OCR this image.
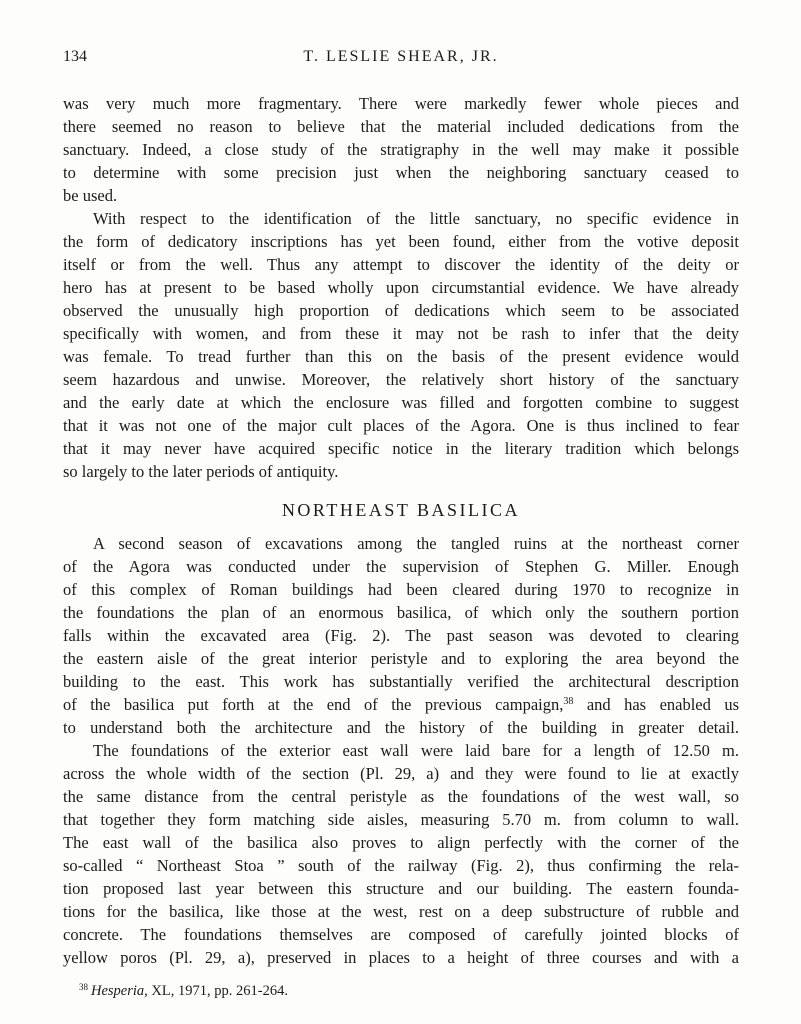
134	T. LESLIE SHEAR, JR.
was very much more fragmentary. There were markedly fewer whole pieces and
there seemed no reason to believe that the material included dedications from the
sanctuary. Indeed, a close study of the stratigraphy in the well may make it possible
to determine with some precision just when the neighboring sanctuary ceased to
be used.
With respect to the identification of the little sanctuary, no specific evidence in
the form of dedicatory inscriptions has yet been found, either from the votive deposit
itself or from the well. Thus any attempt to discover the identity of the deity or
hero has at present to be based wholly upon circumstantial evidence. We have already
observed the unusually high proportion of dedications which seem to be associated
specifically with women, and from these it may not be rash to infer that the deity
was female. To tread further than this on the basis of the present evidence would
seem hazardous and unwise. Moreover, the relatively short history of the sanctuary
and the early date at which the enclosure was filled and forgotten combine to suggest
that it was not one of the major cult places of the Agora. One is thus inclined to fear
that it may never have acquired specific notice in the literary tradition which belongs
so largely to the later periods of antiquity.
NORTHEAST BASILICA
A second season of excavations among the tangled ruins at the northeast corner
of the Agora was conducted under the supervision of Stephen G. Miller. Enough
of this complex of Roman buildings had been cleared during 1970 to recognize in
the foundations the plan of an enormous basilica, of which only the southern portion
falls within the excavated area (Fig. 2). The past season was devoted to clearing
the eastern aisle of the great interior peristyle and to exploring the area beyond the
building to the east. This work has substantially verified the architectural description
of the basilica put forth at the end of the previous campaign,$^{38}$ and has enabled us
to understand both the architecture and the history of the building in greater detail.
The foundations of the exterior east wall were laid bare for a length of 12.50 m.
across the whole width of the section (Pl. 29, a) and they were found to lie at exactly
the same distance from the central peristyle as the foundations of the west wall, so
that together they form matching side aisles, measuring 5.70 m. from column to wall.
The east wall of the basilica also proves to align perfectly with the corner of the
so-called “ Northeast Stoa ” south of the railway (Fig. 2), thus confirming the rela-
tion proposed last year between this structure and our building. The eastern founda-
tions for the basilica, like those at the west, rest on a deep substructure of rubble and
concrete. The foundations themselves are composed of carefully jointed blocks of
yellow poros (Pl. 29, a), preserved in places to a height of three courses and with a
$^{38}$ Hesperia, XL, 1971, pp. 261-264.
